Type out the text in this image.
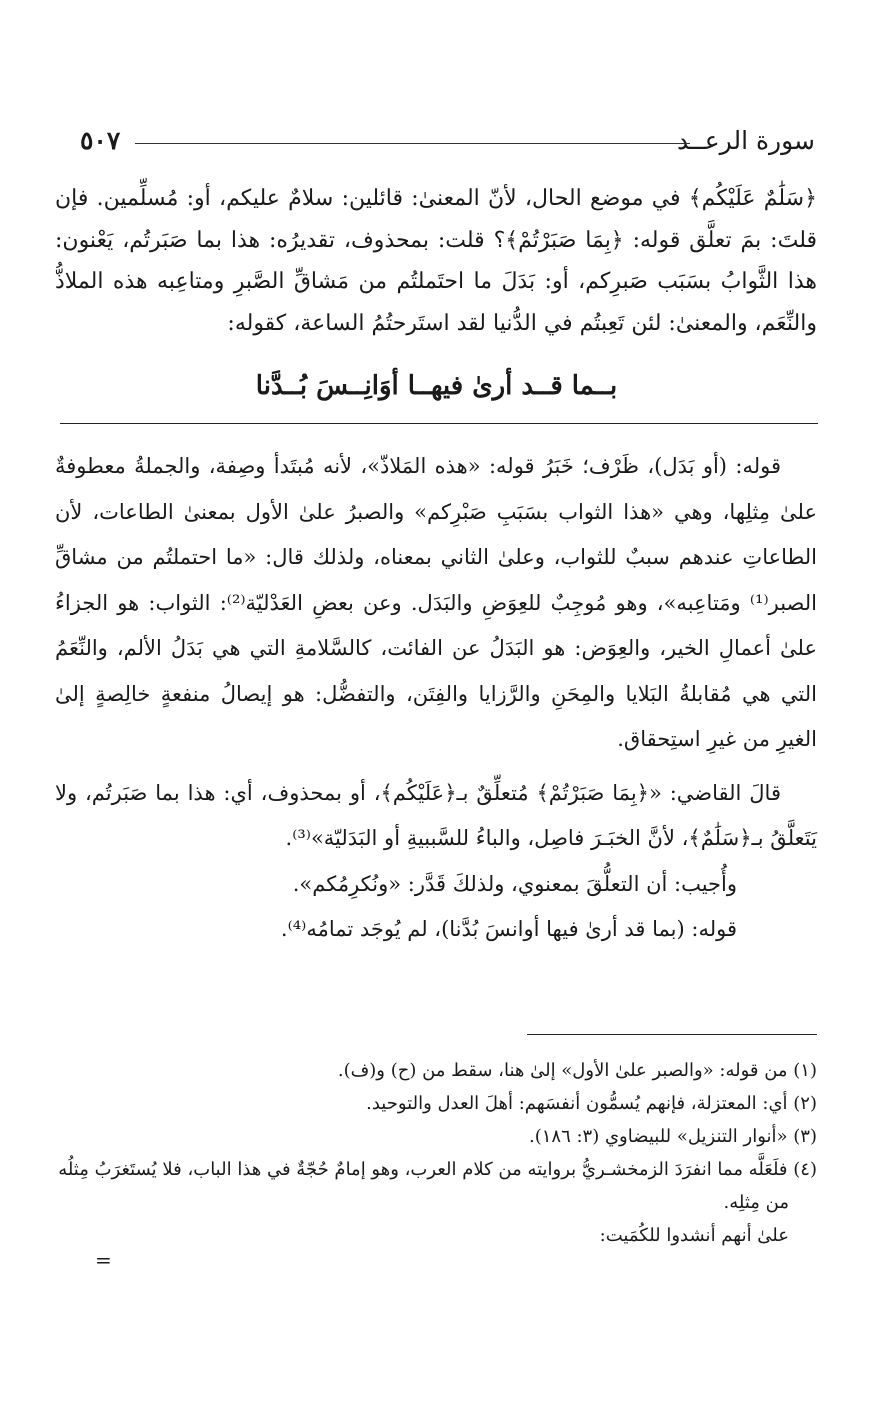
سورة الرعــد
٥٠٧

﴿سَلَٰمٌ عَلَيْكُم﴾ في موضع الحال، لأنّ المعنىٰ: قائلين: سلامٌ عليكم، أو: مُسلِّمين. فإن قلتَ: بمَ تعلَّق قوله: ﴿بِمَا صَبَرْتُمْ﴾؟ قلت: بمحذوف، تقديرُه: هذا بما صَبَرتُم، يَعْنون: هذا الثَّوابُ بسَبَب صَبرِكم، أو: بَدَلَ ما احتَملتُم من مَشاقِّ الصَّبرِ ومتاعِبه هذه الملاذُّ والنِّعَم، والمعنىٰ: لئن تَعِبتُم في الدُّنيا لقد استَرحتُمُ الساعة، كقوله:

بــما قــد أرىٰ فيهــا أوَانِــسَ بُــدَّنا

قوله: (أو بَدَل)، ظَرْف؛ خَبَرُ قوله: «هذه المَلاذّ»، لأنه مُبتَدأ وصِفة، والجملةُ معطوفةٌ علىٰ مِثلِها، وهي «هذا الثواب بسَبَبِ صَبْرِكم» والصبرُ علىٰ الأول بمعنىٰ الطاعات، لأن الطاعاتِ عندهم سببٌ للثواب، وعلىٰ الثاني بمعناه، ولذلك قال: «ما احتملتُم من مشاقِّ الصبر⁽¹⁾ ومَتاعِبه»، وهو مُوجِبٌ للعِوَضِ والبَدَل. وعن بعضِ العَدْليّة⁽²⁾: الثواب: هو الجزاءُ علىٰ أعمالِ الخير، والعِوَض: هو البَدَلُ عن الفائت، كالسَّلامةِ التي هي بَدَلُ الألم، والنِّعَمُ التي هي مُقابلةُ البَلايا والمِحَنِ والرَّزايا والفِتَن، والتفضُّل: هو إيصالُ منفعةٍ خالِصةٍ إلىٰ الغيرِ من غيرِ استِحقاق.

قالَ القاضي: «﴿بِمَا صَبَرْتُمْ﴾ مُتعلِّقٌ بـ﴿عَلَيْكُم﴾، أو بمحذوف، أي: هذا بما صَبَرتُم، ولا يَتَعلَّقُ بـ﴿سَلَٰمٌ﴾، لأنَّ الخبَـرَ فاصِل، والباءُ للسَّببيةِ أو البَدَليّة»⁽³⁾.

وأُجيب: أن التعلُّقَ بمعنوي، ولذلكَ قَدَّر: «ونُكرِمُكم».

قوله: (بما قد أرىٰ فيها أوانسَ بُدَّنا)، لم يُوجَد تمامُه⁽⁴⁾.

(١) من قوله: «والصبر علىٰ الأول» إلىٰ هنا، سقط من (ح) و(ف).

(٢) أي: المعتزلة، فإنهم يُسمُّون أنفسَهم: أهلَ العدل والتوحيد.

(٣) «أنوار التنزيل» للبيضاوي (٣: ١٨٦).

(٤) فلَعَلَّه مما انفرَدَ الزمخشـريُّ بروايته من كلام العرب، وهو إمامٌ حُجّةٌ في هذا الباب، فلا يُستَغرَبُ مِثلُه

من مِثلِه.

علىٰ أنهم أنشدوا للكُمَيت:

=
